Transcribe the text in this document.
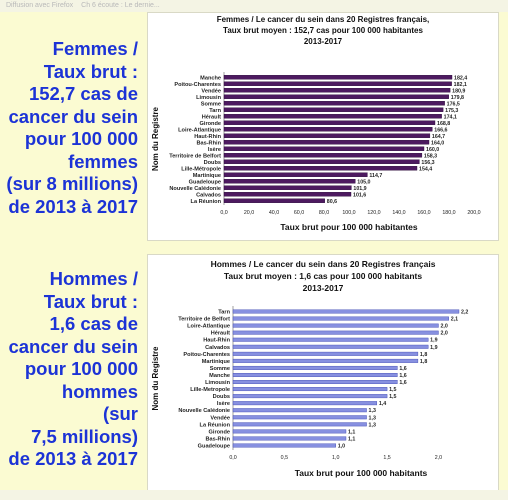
Diffusion avec Firefox Ch 6 écoute : Le dernie...
Femmes /
Taux brut :
152,7 cas de
cancer du sein
pour 100 000
femmes
(sur 8 millions)
de 2013 à 2017
Hommes /
Taux brut :
1,6 cas de
cancer du sein
pour 100 000
hommes
(sur
7,5 millions)
de 2013 à 2017
Femmes / Le cancer du sein dans 20 Registres français,
Taux brut moyen : 152,7 cas pour 100 000 habitantes
2013-2017
Manche	182,4
Poitou-Charentes	182,1
Vendée	180,9
Limousin	179,8
Somme	176,5
Tarn	175,3
Hérault	174,1
Gironde	168,8
Loire-Atlantique	166,6
Haut-Rhin	164,7
Bas-Rhin	164,0
Isère	160,0
Territoire de Belfort	158,3
Doubs	156,3
Lille-Métropole	154,4
Martinique	114,7
Guadeloupe	105,0
Nouvelle Calédonie	101,9
Calvados	101,6
La Réunion	80,6
0,0	20,0	40,0	60,0	80,0 100,0 120,0 140,0 160,0 180,0 200,0
Taux brut pour 100 000 habitantes
Nom du Registre
Hommes / Le cancer du sein dans 20 Registres français
Taux brut moyen : 1,6 cas pour 100 000 habitants
2013-2017
Tarn	2,2
Territoire de Belfort	2,1
Loire-Atlantique	2,0
Hérault	2,0
Haut-Rhin	1,9
Calvados	1,9
Poitou-Charentes	1,8
Martinique	1,8
Somme	1,6
Manche	1,6
Limousin	1,6
Lille-Metropole	1,5
Doubs	1,5
Isère	1,4
Nouvelle Calédonie	1,3
Vendée	1,3
La Réunion	1,3
Gironde	1,1
Bas-Rhin	1,1
Guadeloupe	1,0
0,0	0,5	1,0	1,5	2,0
Taux brut pour 100 000 habitants
Nom du Registre
